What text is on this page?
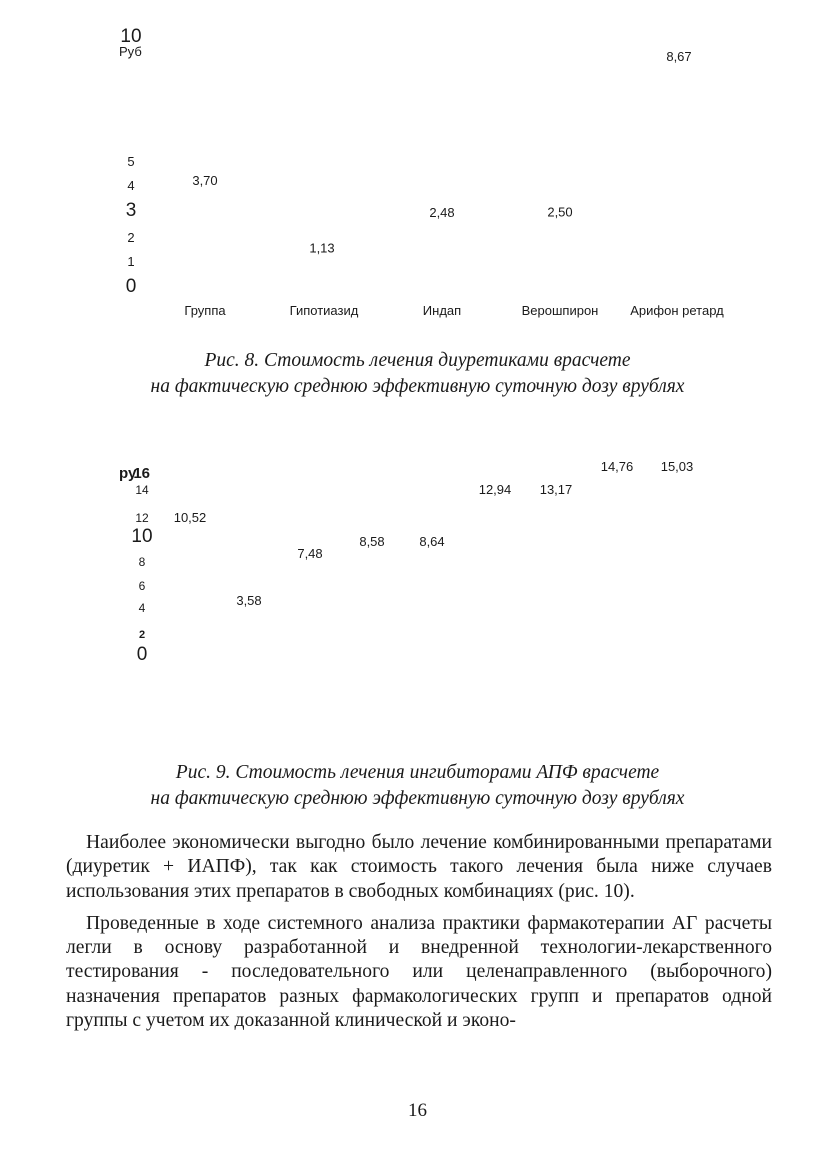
0
1
2
3
4
5
10
Руб
Группа	Гипотиазид	Индап	Верошпирон Арифон ретард
3,70
1,13
2,48	2,50
8,67
Рис. 8. Стоимость лечения диуретиками врасчете
на фактическую среднюю эффективную суточную дозу врублях
0
2
4
6
8
10
12
14
16
ру
10,52
3,58
7,48
8,58	8,64
12,94 13,17
14,76 15,03
Рис. 9. Стоимость лечения ингибиторами АПФ врасчете
на фактическую среднюю эффективную суточную дозу врублях

Наиболее экономически выгодно было лечение комбинированными препаратами (диуретик + ИАПФ), так как стоимость такого лечения была ниже случаев использования этих препаратов в свободных комбинациях (рис. 10).

Проведенные в ходе системного анализа практики фармакотерапии АГ расчеты легли в основу разработанной и внедренной технологии-лекарственного тестирования - последовательного или целенаправленного (выборочного) назначения препаратов разных фармакологических групп и препаратов одной группы с учетом их доказанной клинической и эконо-

16
